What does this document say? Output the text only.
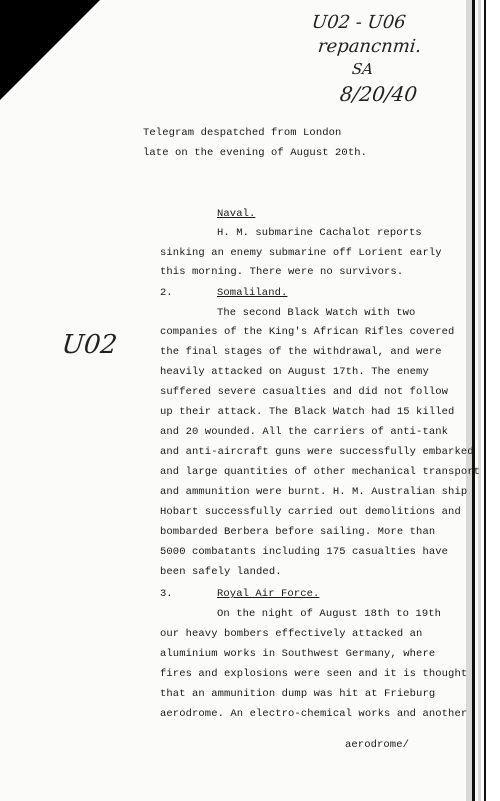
U02 - U06
repancnmi.
SA
8/20/40
U02
Telegram despatched from London
late on the evening of August 20th.
Naval.
H. M. submarine Cachalot reports
sinking an enemy submarine off Lorient early
this morning. There were no survivors.
2.	Somaliland.
The second Black Watch with two
companies of the King's African Rifles covered
the final stages of the withdrawal, and were
heavily attacked on August 17th. The enemy
suffered severe casualties and did not follow
up their attack. The Black Watch had 15 killed
and 20 wounded. All the carriers of anti-tank
and anti-aircraft guns were successfully embarked
and large quantities of other mechanical transport
and ammunition were burnt. H. M. Australian ship
Hobart successfully carried out demolitions and
bombarded Berbera before sailing. More than
5000 combatants including 175 casualties have
been safely landed.
3.	Royal Air Force.
On the night of August 18th to 19th
our heavy bombers effectively attacked an
aluminium works in Southwest Germany, where
fires and explosions were seen and it is thought
that an ammunition dump was hit at Frieburg
aerodrome. An electro-chemical works and another
aerodrome/
